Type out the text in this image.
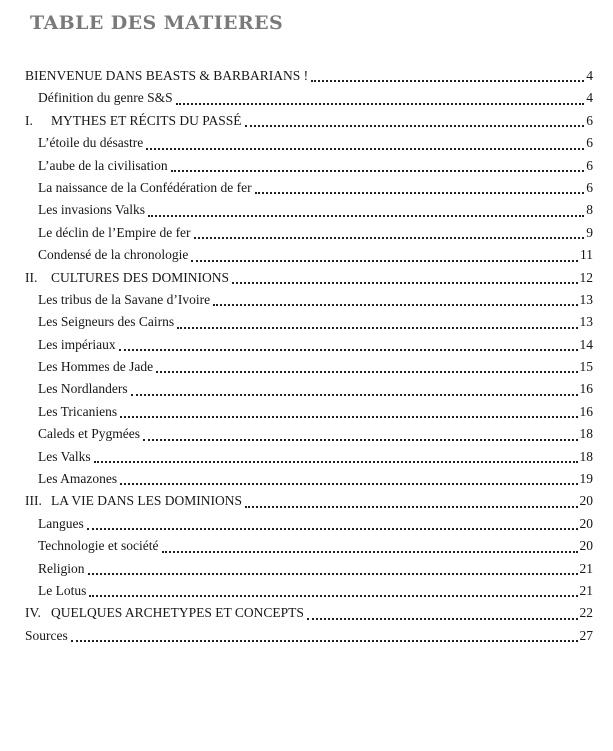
TABLE DES MATIERES
BIENVENUE DANS BEASTS & BARBARIANS !	4
Définition du genre S&S	4
I.	MYTHES ET RÉCITS DU PASSÉ	6
L’étoile du désastre	6
L’aube de la civilisation	6
La naissance de la Confédération de fer	6
Les invasions Valks	8
Le déclin de l’Empire de fer	9
Condensé de la chronologie	11
II.	CULTURES DES DOMINIONS	12
Les tribus de la Savane d’Ivoire	13
Les Seigneurs des Cairns	13
Les impériaux	14
Les Hommes de Jade	15
Les Nordlanders	16
Les Tricaniens	16
Caleds et Pygmées	18
Les Valks	18
Les Amazones	19
III. LA VIE DANS LES DOMINIONS	20
Langues	20
Technologie et société	20
Religion	21
Le Lotus	21
IV. QUELQUES ARCHETYPES ET CONCEPTS	22
Sources	27
